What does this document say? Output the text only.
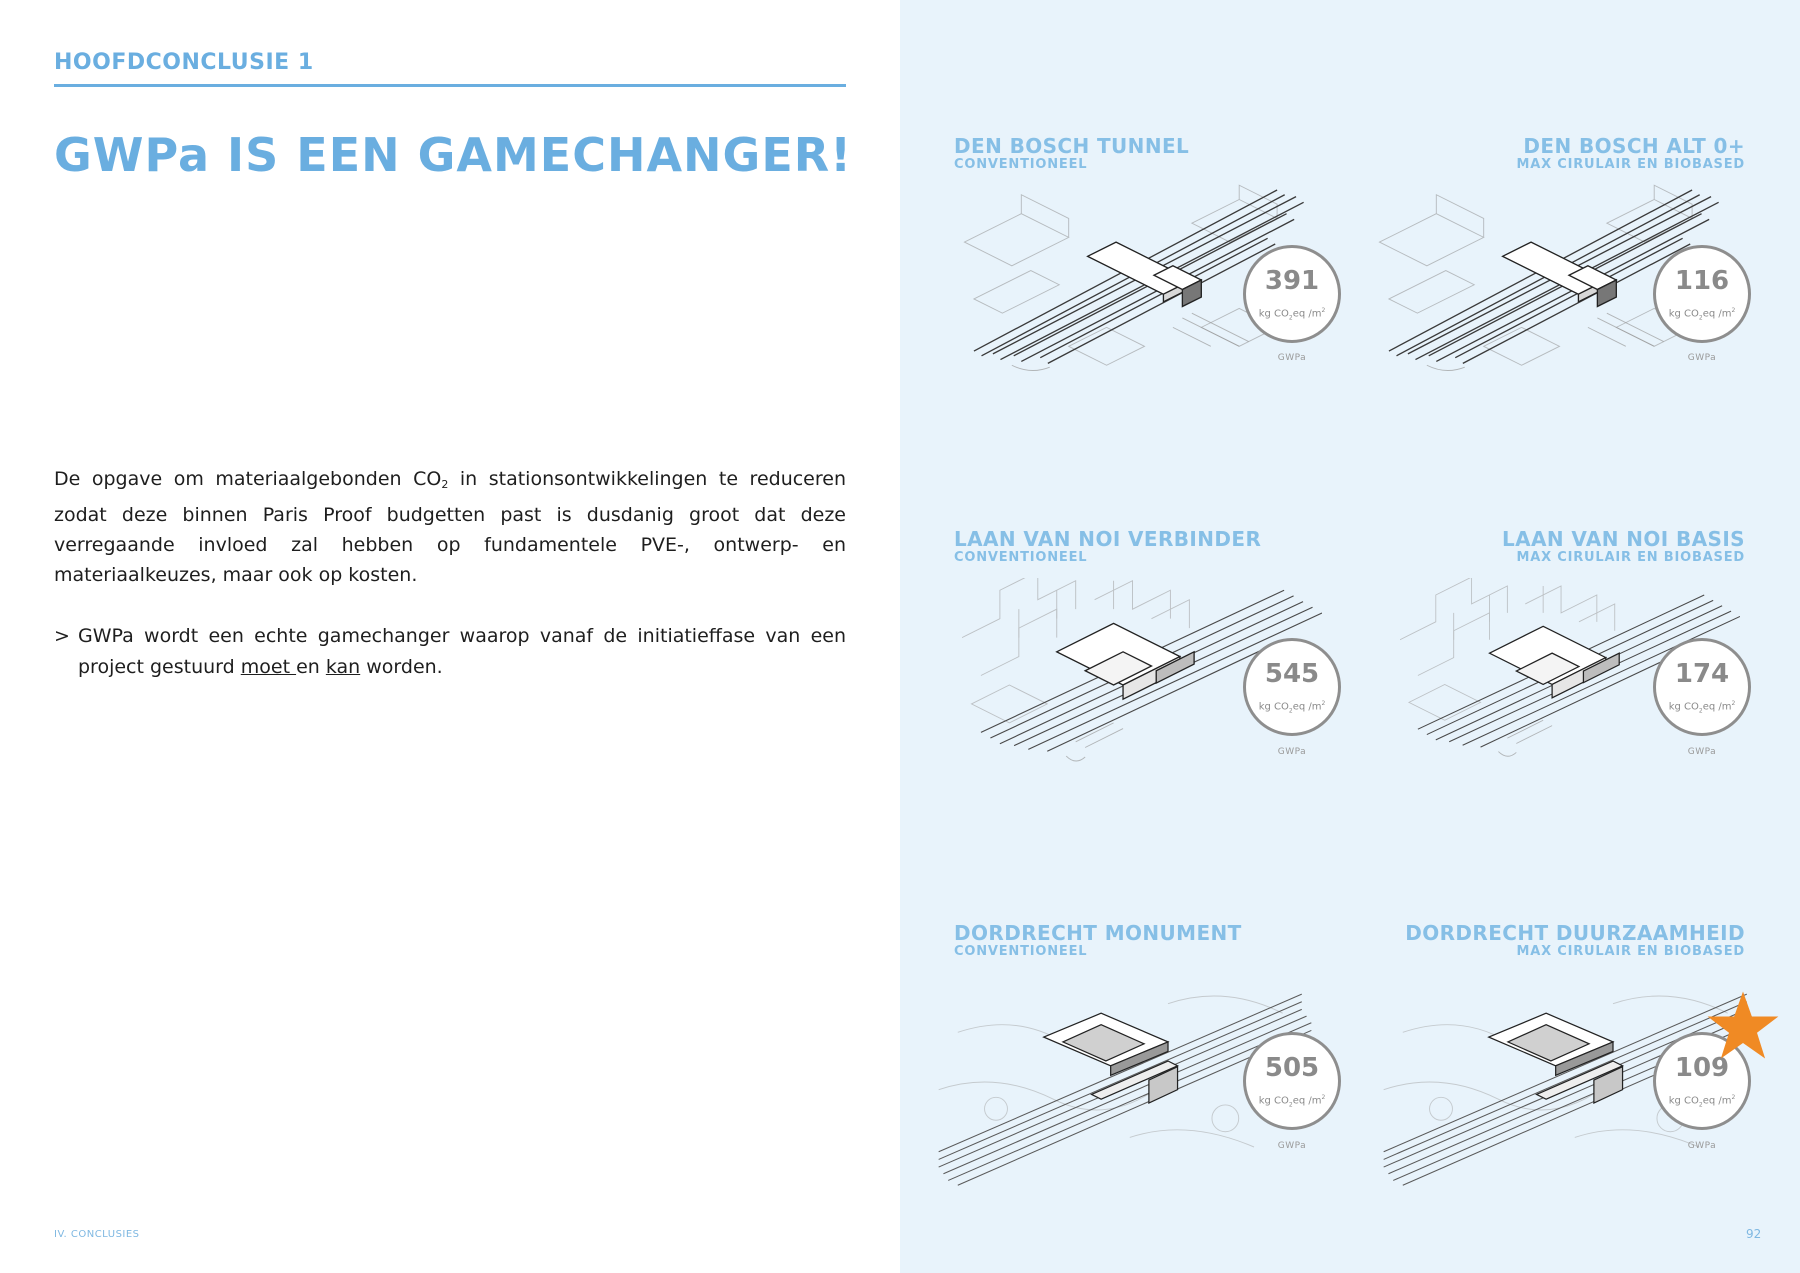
HOOFDCONCLUSIE 1
GWPa IS EEN GAMECHANGER!

De opgave om materiaalgebonden $CO_2$ in stationsontwikkelingen te reduceren zodat deze binnen Paris Proof budgetten past is dusdanig groot dat deze verregaande invloed zal hebben op fundamentele PVE-, ontwerp- en materiaalkeuzes, maar ook op kosten.

> GWPa wordt een echte gamechanger waarop vanaf de initiatieffase van een project gestuurd moet en kan worden.
IV. CONCLUSIES
DEN BOSCH TUNNEL
CONVENTIONEEL
391
kg $CO_2eq$ $/m^2$
GWPa
DEN BOSCH ALT 0+
MAX CIRULAIR EN BIOBASED
116
kg $CO_2eq$ $/m^2$
GWPa
LAAN VAN NOI VERBINDER
CONVENTIONEEL
545
kg $CO_2eq$ $/m^2$
GWPa
LAAN VAN NOI BASIS
MAX CIRULAIR EN BIOBASED
174
kg $CO_2eq$ $/m^2$
GWPa
DORDRECHT MONUMENT
CONVENTIONEEL
505
kg $CO_2eq$ $/m^2$
GWPa
DORDRECHT DUURZAAMHEID
MAX CIRULAIR EN BIOBASED
109
kg $CO_2eq$ $/m^2$
GWPa
92
